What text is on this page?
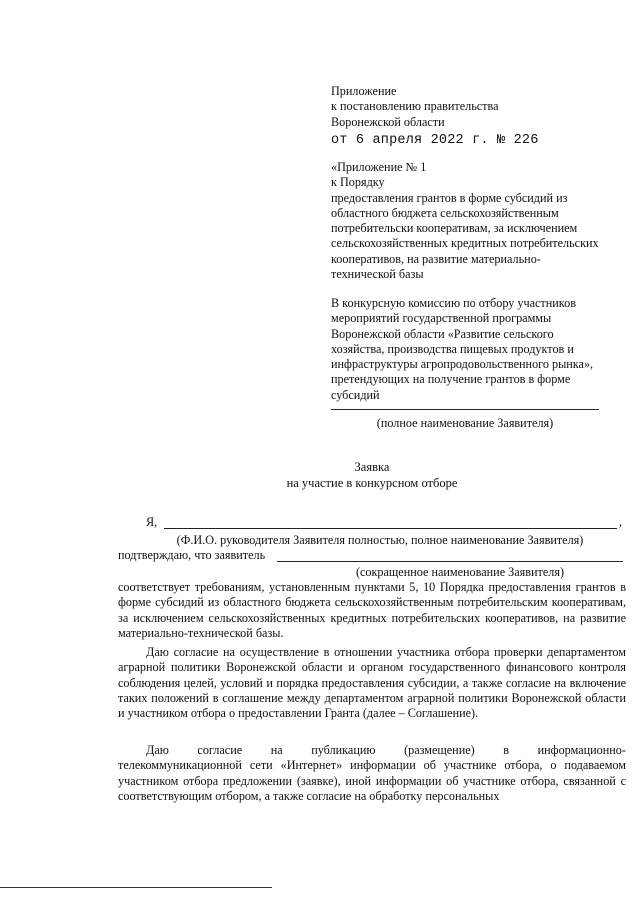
Приложение
к постановлению правительства
Воронежской области
от 6 апреля 2022 г. № 226
«Приложение № 1
к Порядку
предоставления грантов в форме субсидий из
областного бюджета сельскохозяйственным
потребительски кооперативам, за исключением
сельскохозяйственных кредитных потребительских
кооперативов, на развитие материально-
технической базы
В конкурсную комиссию по отбору участников
мероприятий государственной программы
Воронежской области «Развитие сельского
хозяйства, производства пищевых продуктов и
инфраструктуры агропродовольственного рынка»,
претендующих на получение грантов в форме
субсидий
(полное наименование Заявителя)
Заявка
на участие в конкурсном отборе
Я,	,
(Ф.И.О. руководителя Заявителя полностью, полное наименование Заявителя)
подтверждаю, что заявитель
(сокращенное наименование Заявителя)
соответствует требованиям, установленным пунктами 5, 10 Порядка предоставления грантов в форме субсидий из областного бюджета сельскохозяйственным потребительским кооперативам, за исключением сельскохозяйственных кредитных потребительских кооперативов, на развитие материально-технической базы.
Даю согласие на осуществление в отношении участника отбора проверки департаментом аграрной политики Воронежской области и органом государственного финансового контроля соблюдения целей, условий и порядка предоставления субсидии, а также согласие на включение таких положений в соглашение между департаментом аграрной политики Воронежской области и участником отбора о предоставлении Гранта (далее – Соглашение).
Даю согласие на публикацию (размещение) в информационно-
телекоммуникационной сети «Интернет» информации об участнике отбора, о подаваемом участником отбора предложении (заявке), иной информации об участнике отбора, связанной с соответствующим отбором, а также согласие на обработку персональных
